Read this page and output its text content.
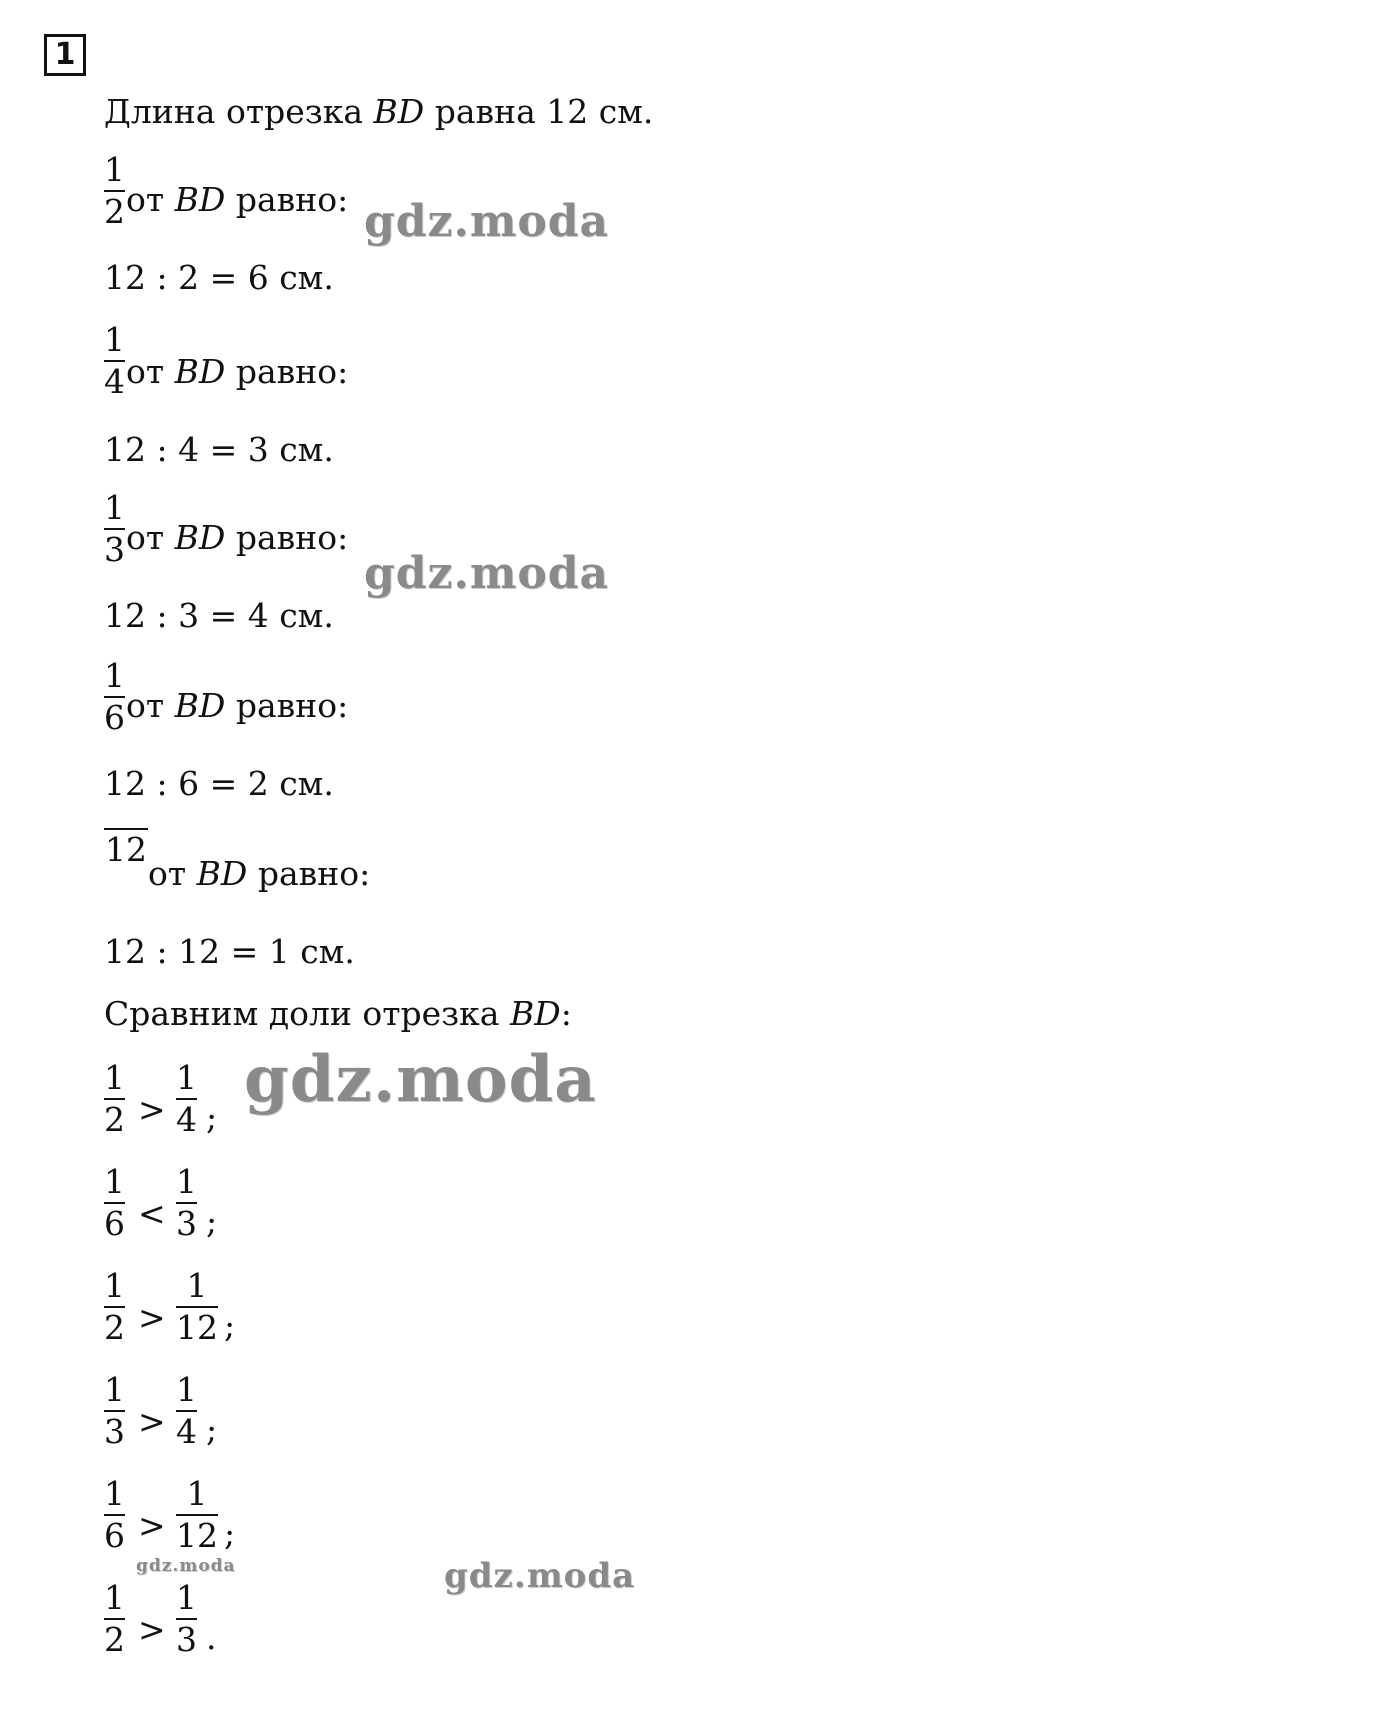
1
Длина отрезка BD равна 12 см.
1
2 от BD равно:
12 : 2 = 6 см.
1
4 от BD равно:
12 : 4 = 3 см.
1
3 от BD равно:
12 : 3 = 4 см.
1
6 от BD равно:
12 : 6 = 2 см.
12
от BD равно:
12 : 12 = 1 см.
Сравним доли отрезка BD:
1
2 >
1
4 ;
1
6 <
1
3 ;
1
2 >
1
12 ;
1
3 >
1
4 ;
1
6 >
1
12 ;
1
2 >
1
3 .
gdz.moda
gdz.moda
gdz.moda
gdz.moda	gdz.moda
